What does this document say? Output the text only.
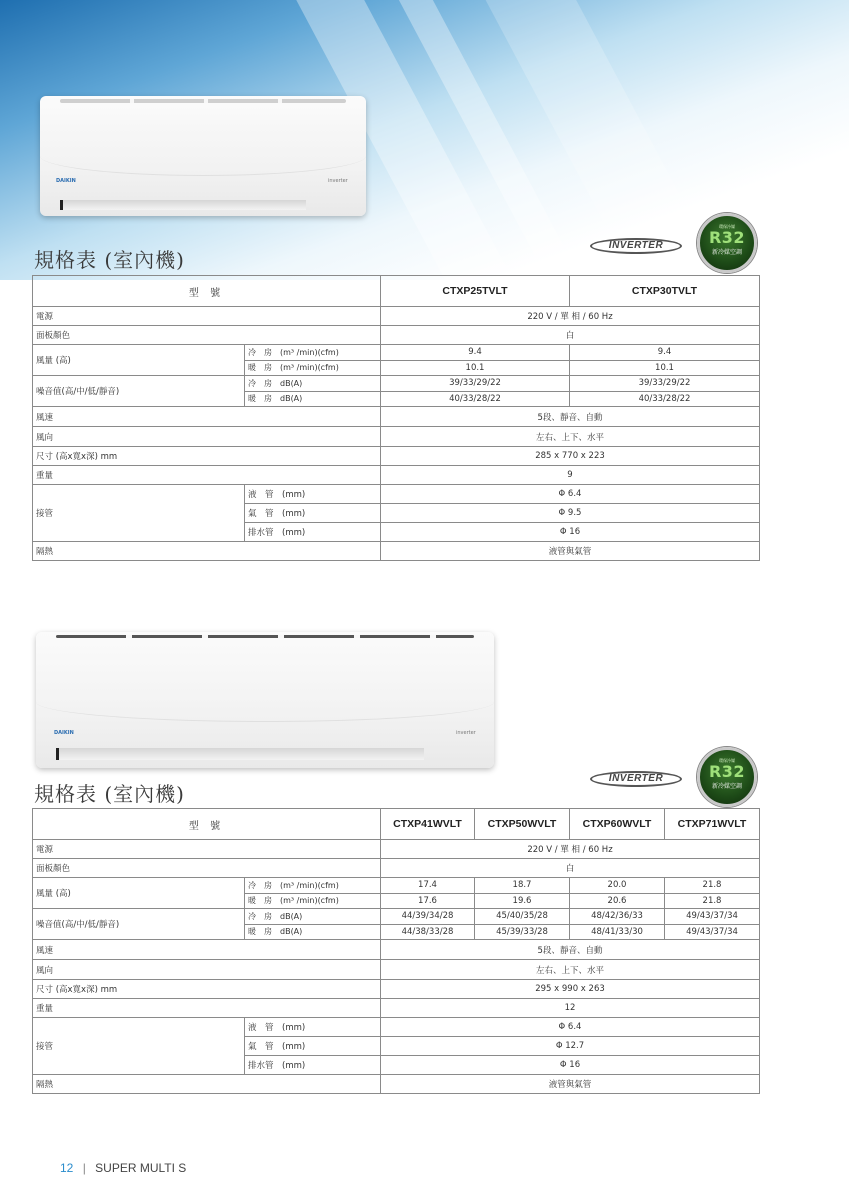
DAIKIN	inverter
規格表 (室內機)
INVERTER
環保冷媒
R32
新冷媒空調
型 號		CTXP25TVLT	CTXP30TVLT
電源		220 V / 單 相 / 60 Hz	
面板顏色		白	
風量 (高)	冷　房　(m³ /min)(cfm)	9.4	9.4
	暖　房　(m³ /min)(cfm)	10.1	10.1
噪音值(高/中/低/靜音)	冷　房　dB(A)	39/33/29/22	39/33/29/22
	暖　房　dB(A)	40/33/28/22	40/33/28/22
風速		5段、靜音、自動	
風向		左右、上下、水平	
尺寸 (高x寬x深) mm		285 x 770 x 223	
重量		9	
接管	液　管　(mm)	Φ 6.4	
	氣　管　(mm)	Φ 9.5	
	排水管　(mm)	Φ 16	
隔熱		液管與氣管	
DAIKIN	inverter
規格表 (室內機)
INVERTER
環保冷媒
R32
新冷媒空調
型 號		CTXP41WVLT	CTXP50WVLT	CTXP60WVLT	CTXP71WVLT
電源		220 V / 單 相 / 60 Hz			
面板顏色		白			
風量 (高)	冷　房　(m³ /min)(cfm)	17.4	18.7	20.0	21.8
	暖　房　(m³ /min)(cfm)	17.6	19.6	20.6	21.8
噪音值(高/中/低/靜音)	冷　房　dB(A)	44/39/34/28	45/40/35/28	48/42/36/33	49/43/37/34
	暖　房　dB(A)	44/38/33/28	45/39/33/28	48/41/33/30	49/43/37/34
風速		5段、靜音、自動			
風向		左右、上下、水平			
尺寸 (高x寬x深) mm		295 x 990 x 263			
重量		12			
接管	液　管　(mm)	Φ 6.4			
	氣　管　(mm)	Φ 12.7			
	排水管　(mm)	Φ 16			
隔熱		液管與氣管			
12 | SUPER MULTI S
